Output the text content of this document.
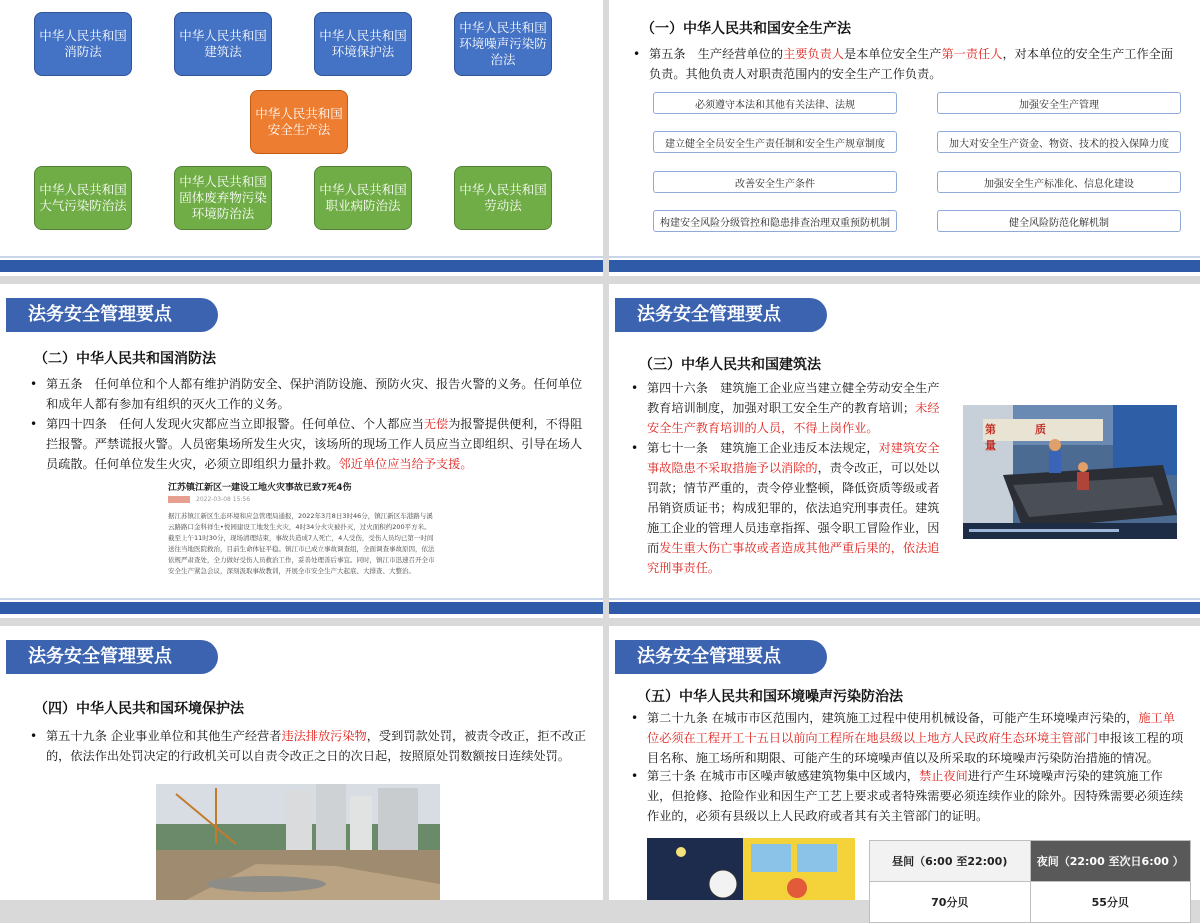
中华人民共和国消防法
中华人民共和国建筑法
中华人民共和国环境保护法
中华人民共和国环境噪声污染防治法
中华人民共和国安全生产法
中华人民共和国大气污染防治法
中华人民共和国固体废弃物污染环境防治法
中华人民共和国职业病防治法
中华人民共和国劳动法
（一）中华人民共和国安全生产法
• 第五条　生产经营单位的主要负责人是本单位安全生产第一责任人，对本单位的安全生产工作全面负责。其他负责人对职责范围内的安全生产工作负责。
必须遵守本法和其他有关法律、法规
建立健全全员安全生产责任制和安全生产规章制度
改善安全生产条件
构建安全风险分级管控和隐患排查治理双重预防机制
加强安全生产管理
加大对安全生产资金、物资、技术的投入保障力度
加强安全生产标准化、信息化建设
健全风险防范化解机制
法务安全管理要点
（二）中华人民共和国消防法
• 第五条　任何单位和个人都有维护消防安全、保护消防设施、预防火灾、报告火警的义务。任何单位和成年人都有参加有组织的灭火工作的义务。
• 第四十四条　任何人发现火灾都应当立即报警。任何单位、个人都应当无偿为报警提供便利，不得阻拦报警。严禁谎报火警。人员密集场所发生火灾，该场所的现场工作人员应当立即组织、引导在场人员疏散。任何单位发生火灾，必须立即组织力量扑救。邻近单位应当给予支援。
江苏镇江新区一建设工地火灾事故已致7死4伤
2022-03-08 15:56
据江苏镇江新区生态环境和应急管理局通报，2022年3月8日3时46分，镇江新区车港路与溪云路路口金科祥生•悦园建设工地发生火灾，4时34分火灾被扑灭，过火面积约200平方米。截至上午11时30分，现场清理结束，事故共造成7人死亡，4人受伤，受伤人员均已第一时间送往当地医院救治，目前生命体征平稳。镇江市已成立事故调查组，全面调查事故原因，依法依规严肃查处，全力做好受伤人员救治工作，妥善处理善后事宜。同时，镇江市迅速召开全市安全生产紧急会议，深刻汲取事故教训，开展全市安全生产大起底、大排查、大整治。
法务安全管理要点
（三）中华人民共和国建筑法
• 第四十六条　建筑施工企业应当建立健全劳动安全生产教育培训制度，加强对职工安全生产的教育培训；未经安全生产教育培训的人员，不得上岗作业。
• 第七十一条　建筑施工企业违反本法规定，对建筑安全事故隐患不采取措施予以消除的，责令改正，可以处以罚款；情节严重的，责令停业整顿，降低资质等级或者吊销资质证书；构成犯罪的，依法追究刑事责任。建筑施工企业的管理人员违章指挥、强令职工冒险作业，因而发生重大伤亡事故或者造成其他严重后果的，依法追究刑事责任。
第　质　量
法务安全管理要点
（四）中华人民共和国环境保护法
• 第五十九条 企业事业单位和其他生产经营者违法排放污染物，受到罚款处罚，被责令改正，拒不改正的，依法作出处罚决定的行政机关可以自责令改正之日的次日起，按照原处罚数额按日连续处罚。
法务安全管理要点
（五）中华人民共和国环境噪声污染防治法
• 第二十九条 在城市市区范围内，建筑施工过程中使用机械设备，可能产生环境噪声污染的，施工单位必须在工程开工十五日以前向工程所在地县级以上地方人民政府生态环境主管部门申报该工程的项目名称、施工场所和期限、可能产生的环境噪声值以及所采取的环境噪声污染防治措施的情况。
• 第三十条 在城市市区噪声敏感建筑物集中区域内，禁止夜间进行产生环境噪声污染的建筑施工作业，但抢修、抢险作业和因生产工艺上要求或者特殊需要必须连续作业的除外。因特殊需要必须连续作业的，必须有县级以上人民政府或者其有关主管部门的证明。
昼间（6:00 至22:00)	夜间（22:00 至次日6:00 ）
70分贝	55分贝
